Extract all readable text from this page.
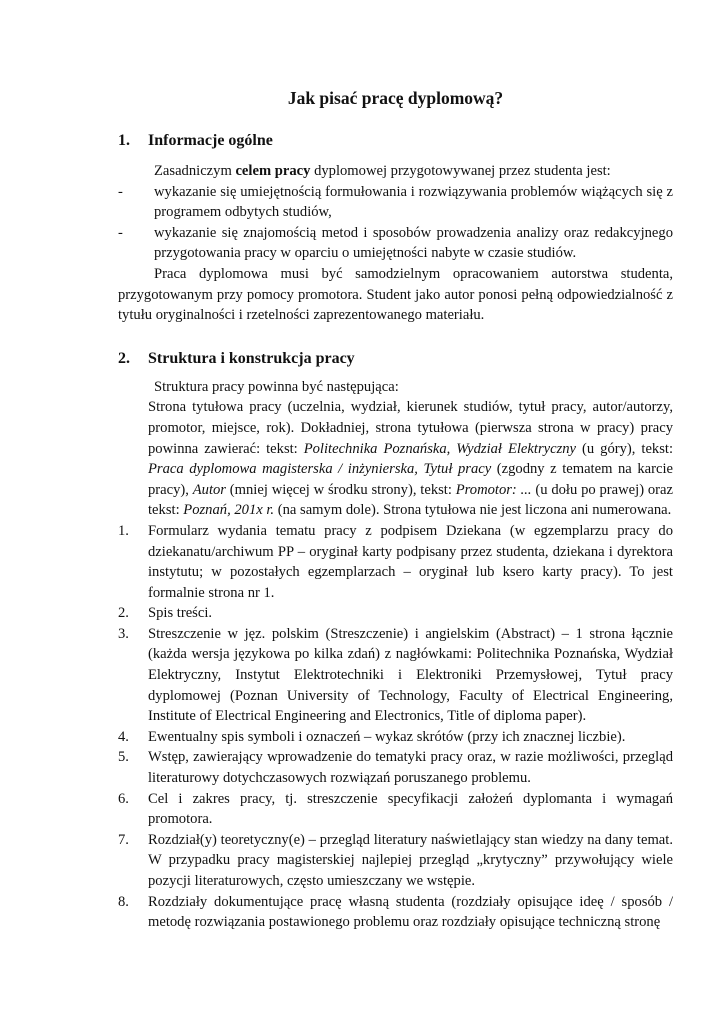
Jak pisać pracę dyplomową?

1.	Informacje ogólne

Zasadniczym celem pracy dyplomowej przygotowywanej przez studenta jest:

-	wykazanie się umiejętnością formułowania i rozwiązywania problemów wiążących się z programem odbytych studiów,
-	wykazanie się znajomością metod i sposobów prowadzenia analizy oraz redakcyjnego przygotowania pracy w oparciu o umiejętności nabyte w czasie studiów.

Praca dyplomowa musi być samodzielnym opracowaniem autorstwa studenta, przygotowanym przy pomocy promotora. Student jako autor ponosi pełną odpowiedzialność z tytułu oryginalności i rzetelności zaprezentowanego materiału.

2.	Struktura i konstrukcja pracy

Struktura pracy powinna być następująca:

Strona tytułowa pracy (uczelnia, wydział, kierunek studiów, tytuł pracy, autor/autorzy, promotor, miejsce, rok). Dokładniej, strona tytułowa (pierwsza strona w pracy) pracy powinna zawierać: tekst: Politechnika Poznańska, Wydział Elektryczny (u góry), tekst: Praca dyplomowa magisterska / inżynierska, Tytuł pracy (zgodny z tematem na karcie pracy), Autor (mniej więcej w środku strony), tekst: Promotor: ... (u dołu po prawej) oraz tekst: Poznań, 201x r. (na samym dole). Strona tytułowa nie jest liczona ani numerowana.

1.	Formularz wydania tematu pracy z podpisem Dziekana (w egzemplarzu pracy do dziekanatu/archiwum PP – oryginał karty podpisany przez studenta, dziekana i dyrektora instytutu; w pozostałych egzemplarzach – oryginał lub ksero karty pracy). To jest formalnie strona nr 1.
2.	Spis treści.
3.	Streszczenie w jęz. polskim (Streszczenie) i angielskim (Abstract) – 1 strona łącznie (każda wersja językowa po kilka zdań) z nagłówkami: Politechnika Poznańska, Wydział Elektryczny, Instytut Elektrotechniki i Elektroniki Przemysłowej, Tytuł pracy dyplomowej (Poznan University of Technology, Faculty of Electrical Engineering, Institute of Electrical Engineering and Electronics, Title of diploma paper).
4.	Ewentualny spis symboli i oznaczeń – wykaz skrótów (przy ich znacznej liczbie).
5.	Wstęp, zawierający wprowadzenie do tematyki pracy oraz, w razie możliwości, przegląd literaturowy dotychczasowych rozwiązań poruszanego problemu.
6.	Cel i zakres pracy, tj. streszczenie specyfikacji założeń dyplomanta i wymagań promotora.
7.	Rozdział(y) teoretyczny(e) – przegląd literatury naświetlający stan wiedzy na dany temat. W przypadku pracy magisterskiej najlepiej przegląd „krytyczny” przywołujący wiele pozycji literaturowych, często umieszczany we wstępie.
8.	Rozdziały dokumentujące pracę własną studenta (rozdziały opisujące ideę / sposób / metodę rozwiązania postawionego problemu oraz rozdziały opisujące techniczną stronę
